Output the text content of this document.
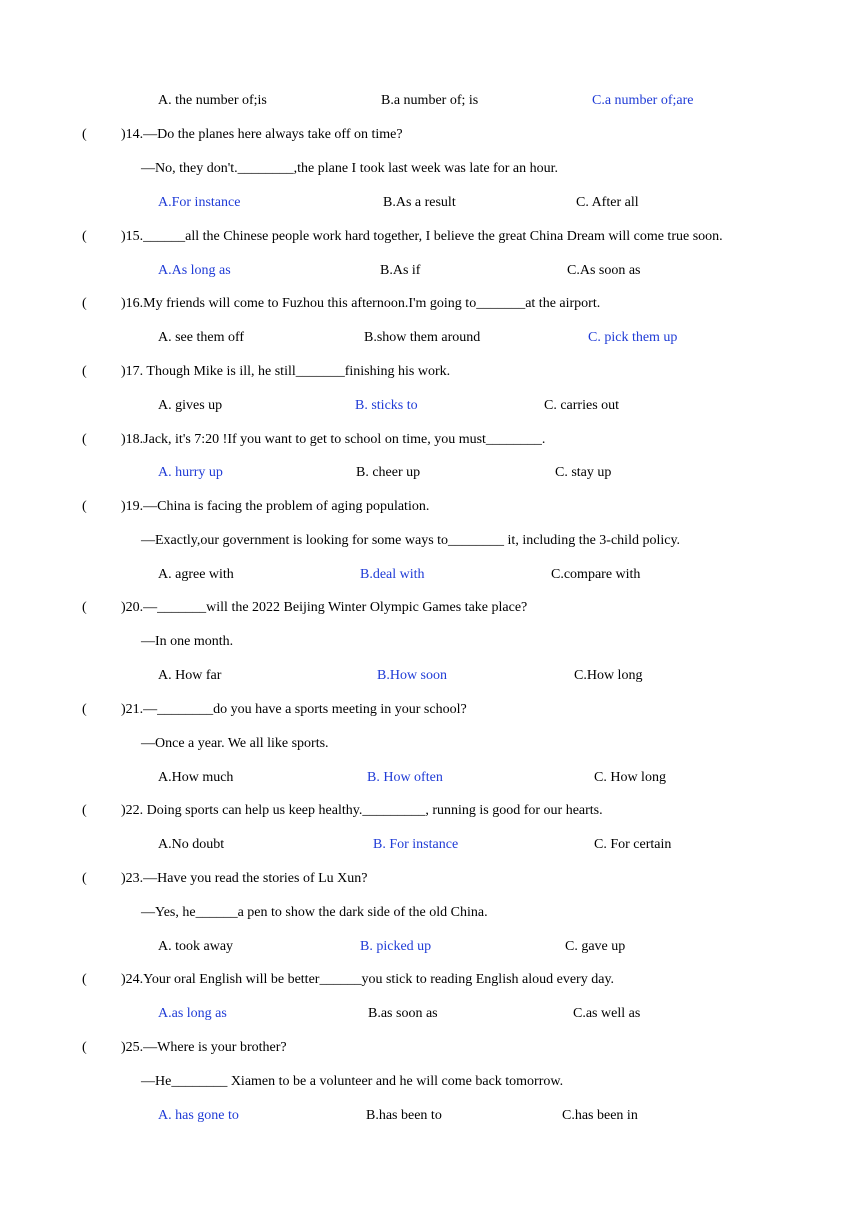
A. the number of;is	B.a number of; is	C.a number of;are
( )14.—Do the planes here always take off on time?
—No, they don't.________,the plane I took last week was late for an hour.
A.For instance	B.As a result	C. After all
( )15.______all the Chinese people work hard together, I believe the great China Dream will come true soon.
A.As long as	B.As if	C.As soon as
( )16.My friends will come to Fuzhou this afternoon.I'm going to_______at the airport.
A. see them off	B.show them around	C. pick them up
( )17. Though Mike is ill, he still_______finishing his work.
A. gives up	B. sticks to	C. carries out
( )18.Jack, it's 7:20 !If you want to get to school on time, you must________.
A. hurry up	B. cheer up	C. stay up
( )19.—China is facing the problem of aging population.
—Exactly,our government is looking for some ways to________ it, including the 3-child policy.
A. agree with	B.deal with	C.compare with
( )20.—_______will the 2022 Beijing Winter Olympic Games take place?
—In one month.
A. How far	B.How soon	C.How long
( )21.—________do you have a sports meeting in your school?
—Once a year. We all like sports.
A.How much	B. How often	C. How long
( )22. Doing sports can help us keep healthy._________, running is good for our hearts.
A.No doubt	B. For instance	C. For certain
( )23.—Have you read the stories of Lu Xun?
—Yes, he______a pen to show the dark side of the old China.
A. took away	B. picked up	C. gave up
( )24.Your oral English will be better______you stick to reading English aloud every day.
A.as long as	B.as soon as	C.as well as
( )25.—Where is your brother?
—He________ Xiamen to be a volunteer and he will come back tomorrow.
A. has gone to	B.has been to	C.has been in
